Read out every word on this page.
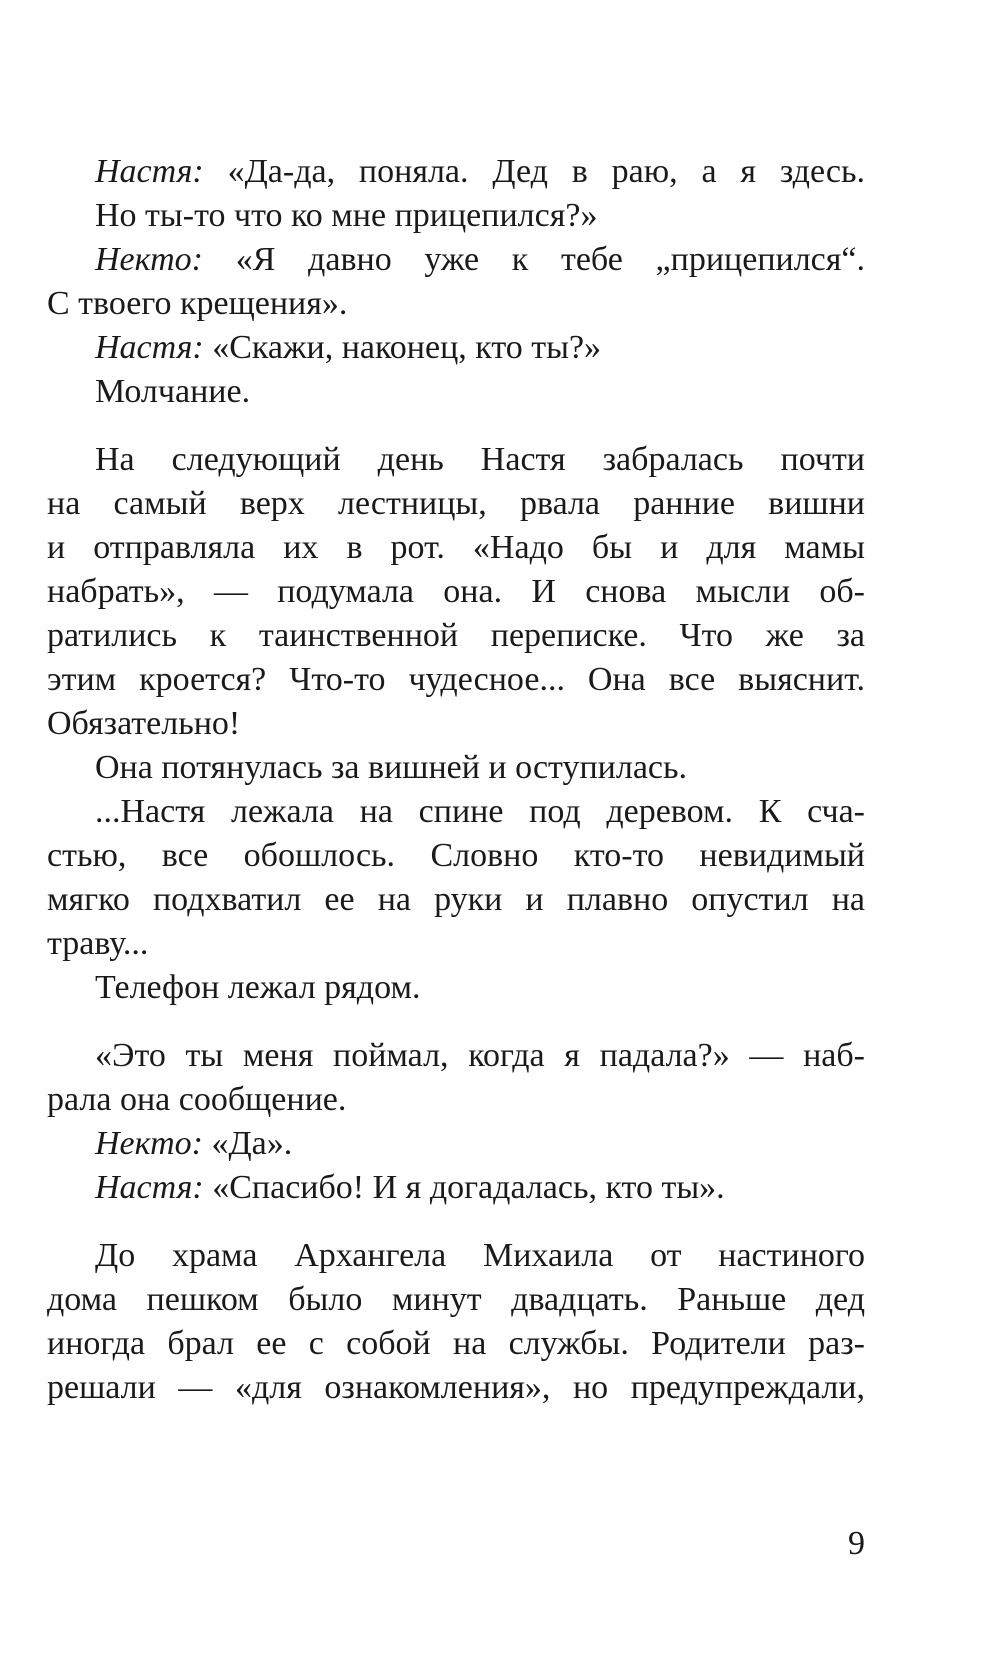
Настя: «Да-да, поняла. Дед в раю, а я здесь.
Но ты-то что ко мне прицепился?»
Некто: «Я давно уже к тебе „прицепился“.
С твоего крещения».
Настя: «Скажи, наконец, кто ты?»
Молчание.
На следующий день Настя забралась почти
на самый верх лестницы, рвала ранние вишни
и отправляла их в рот. «Надо бы и для мамы
набрать», — подумала она. И снова мысли об-
ратились к таинственной переписке. Что же за
этим кроется? Что-то чудесное... Она все выяснит.
Обязательно!
Она потянулась за вишней и оступилась.
...Настя лежала на спине под деревом. К сча-
стью, все обошлось. Словно кто-то невидимый
мягко подхватил ее на руки и плавно опустил на
траву...
Телефон лежал рядом.
«Это ты меня поймал, когда я падала?» — наб-
рала она сообщение.
Некто: «Да».
Настя: «Спасибо! И я догадалась, кто ты».
До храма Архангела Михаила от настиного
дома пешком было минут двадцать. Раньше дед
иногда брал ее с собой на службы. Родители раз-
решали — «для ознакомления», но предупреждали,
9
